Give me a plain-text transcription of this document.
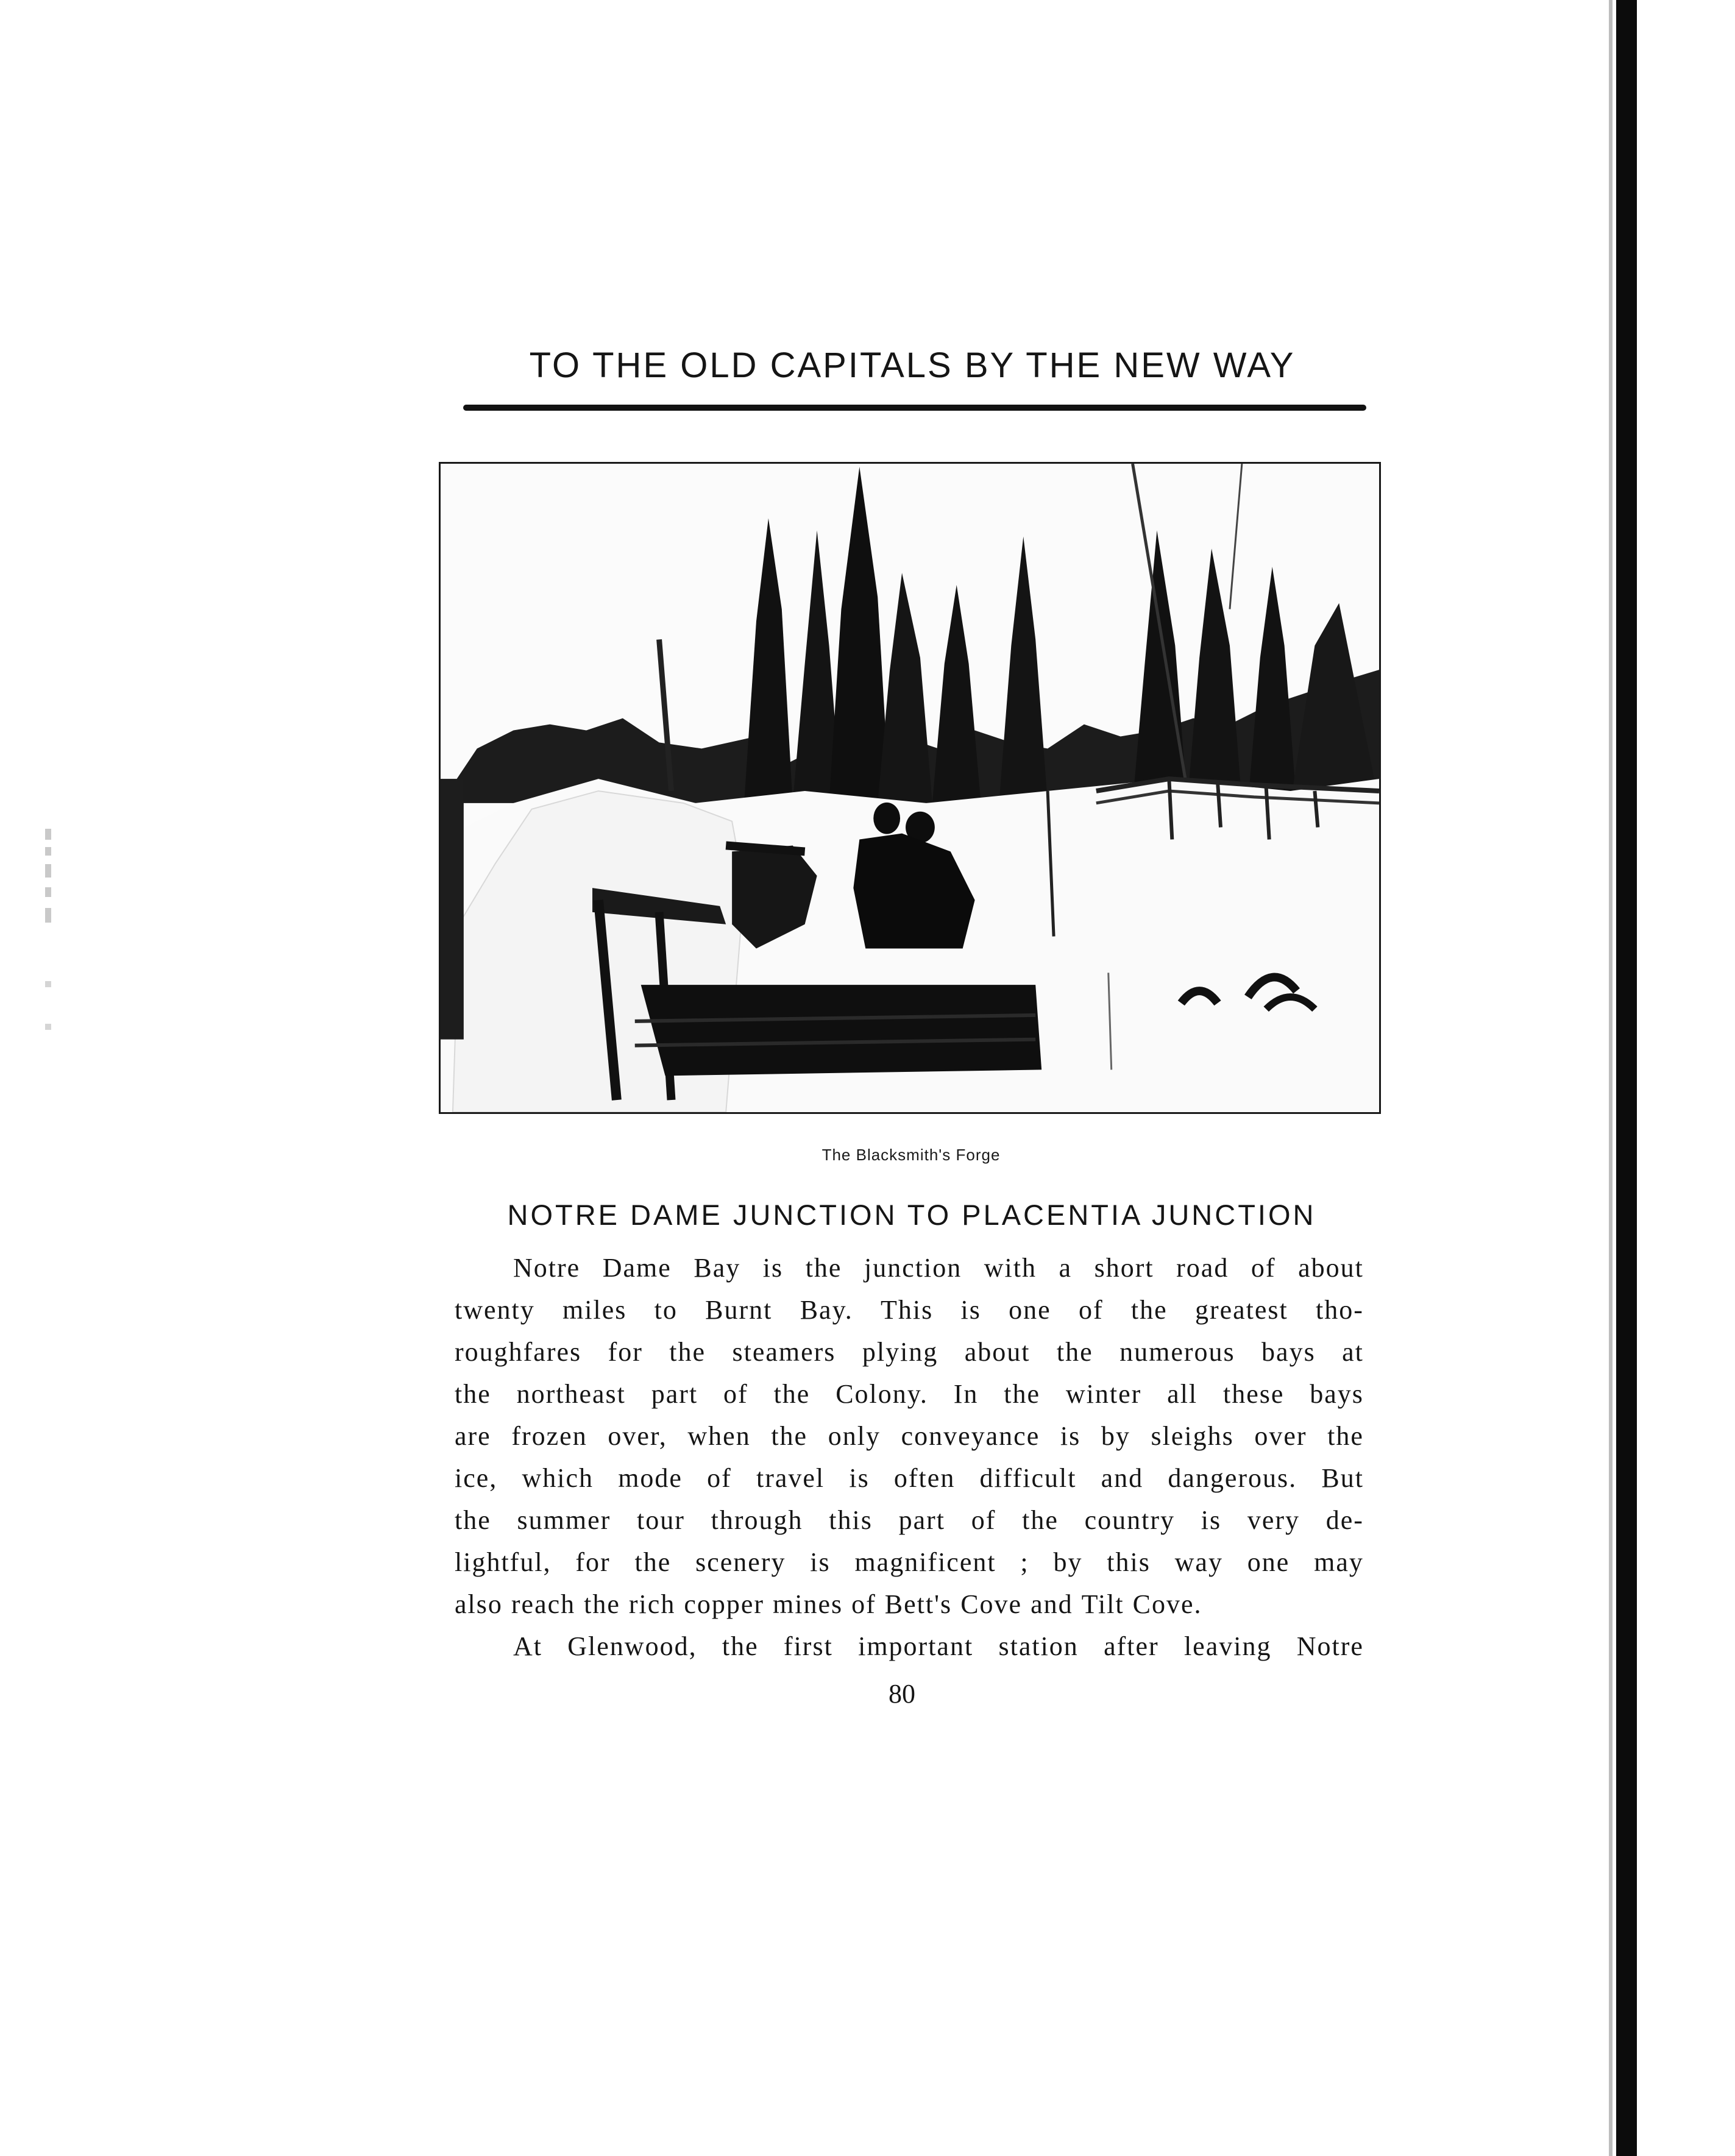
TO THE OLD CAPITALS BY THE NEW WAY
The Blacksmith's Forge
NOTRE DAME JUNCTION TO PLACENTIA JUNCTION
Notre Dame Bay is the junction with a short road of about
twenty miles to Burnt Bay. This is one of the greatest tho-
roughfares for the steamers plying about the numerous bays at
the northeast part of the Colony. In the winter all these bays
are frozen over, when the only conveyance is by sleighs over the
ice, which mode of travel is often difficult and dangerous. But
the summer tour through this part of the country is very de-
lightful, for the scenery is magnificent ; by this way one may
also reach the rich copper mines of Bett's Cove and Tilt Cove.
At Glenwood, the first important station after leaving Notre
80
